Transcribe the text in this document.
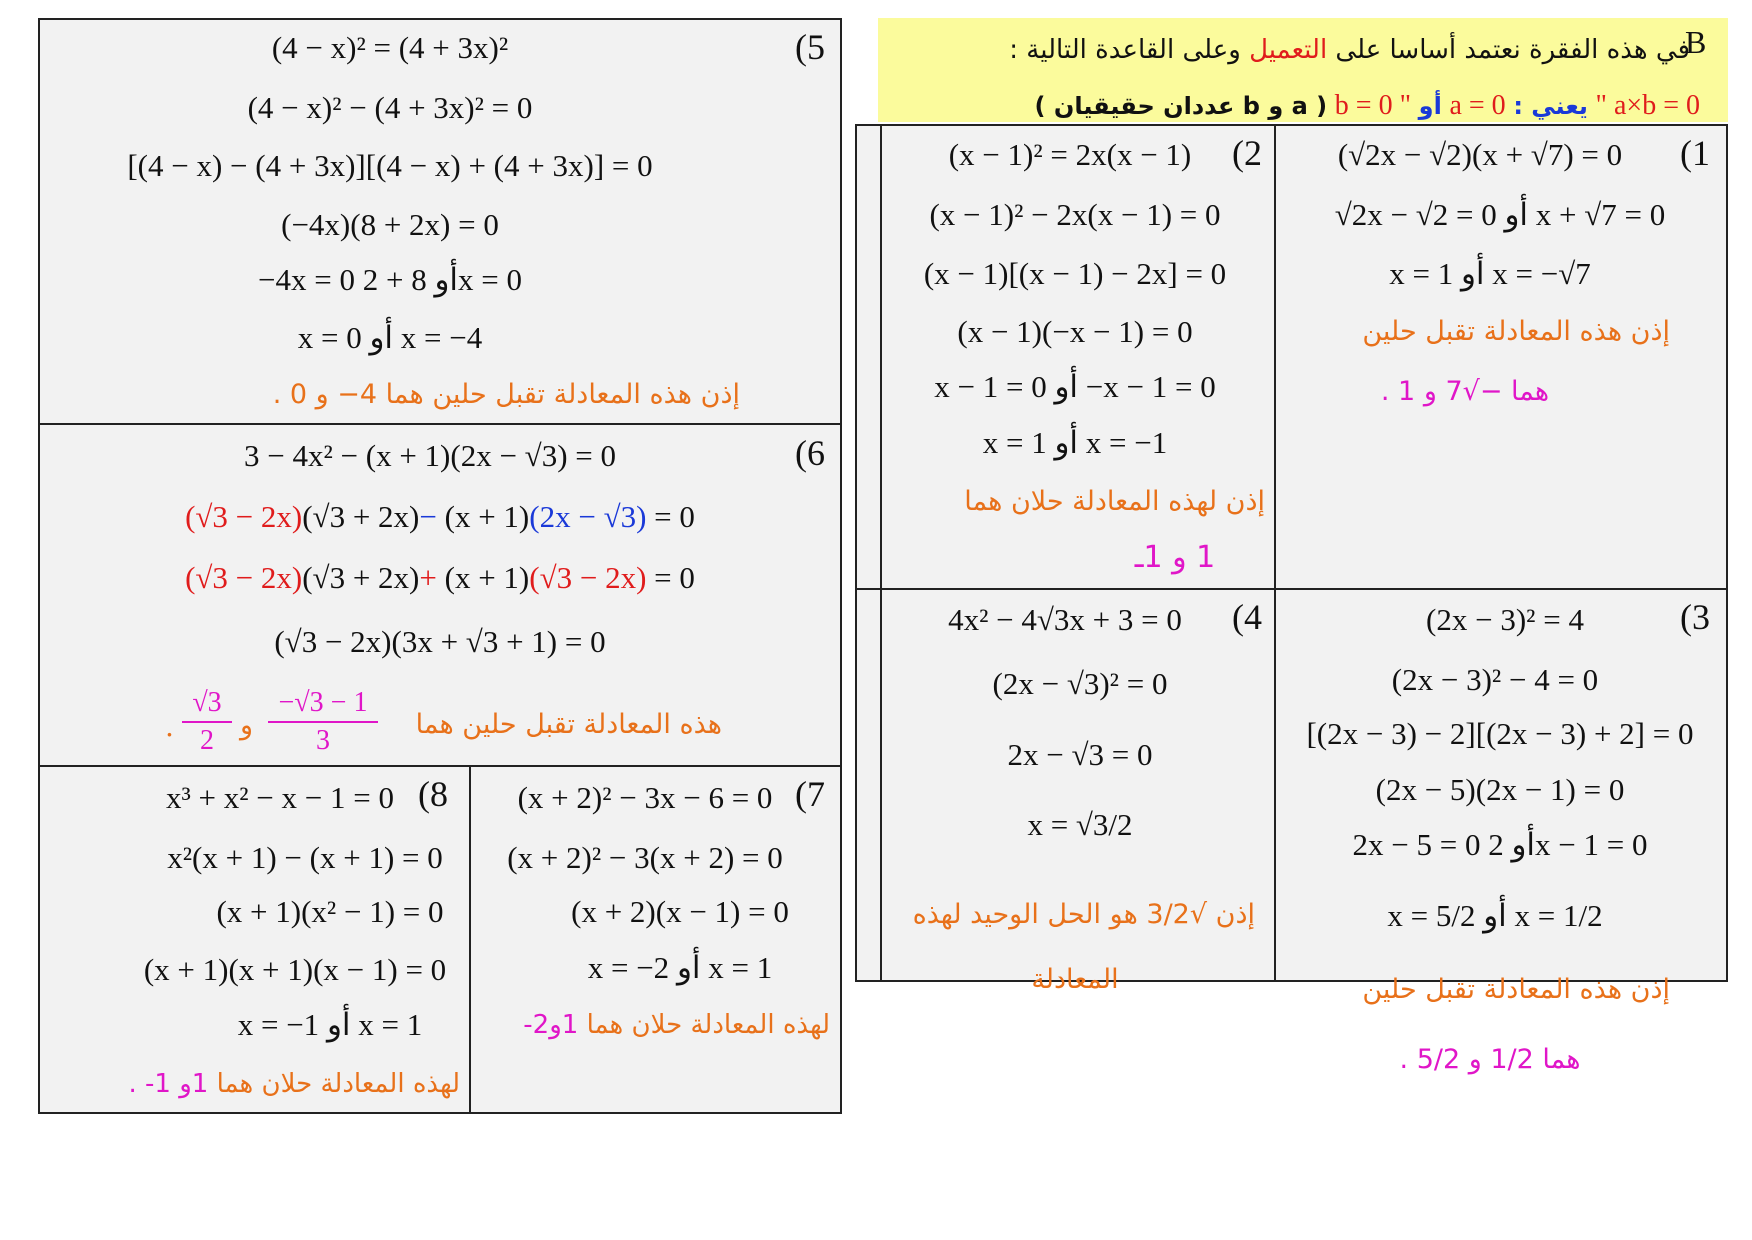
(5
(4 − x)² = (4 + 3x)²
(4 − x)² − (4 + 3x)² = 0
[(4 − x) − (4 + 3x)][(4 − x) + (4 + 3x)] = 0
(−4x)(8 + 2x) = 0
−4x = 0 أو 8 + 2x = 0
x = 0 أو x = −4
إذن هذه المعادلة تقبل حلين هما 4− و 0 .
(6
3 − 4x² − (x + 1)(2x − √3) = 0
(√3 − 2x)(√3 + 2x)− (x + 1)(2x − √3) = 0
(√3 − 2x)(√3 + 2x)+ (x + 1)(√3 − 2x) = 0
(√3 − 2x)(3x + √3 + 1) = 0
هذه المعادلة تقبل حلين هما
$\frac{-√3 - 1}{3}$
و
$\frac{√3}{2}$
.
(7
(x + 2)² − 3x − 6 = 0
(x + 2)² − 3(x + 2) = 0
(x + 2)(x − 1) = 0
x = −2 أو x = 1
لهذه المعادلة حلان هما 1و2-
(8
x³ + x² − x − 1 = 0
x²(x + 1) − (x + 1) = 0
(x + 1)(x² − 1) = 0
(x + 1)(x + 1)(x − 1) = 0
x = −1 أو x = 1
لهذه المعادلة حلان هما 1و 1- .
B
في هذه الفقرة نعتمد أساسا على التعميل وعلى القاعدة التالية :
" a×b = 0 يعني : a = 0 أو b = 0 " ( a و b عددان حقيقيان )
(1
(√2x − √2)(x + √7) = 0
√2x − √2 = 0 أو x + √7 = 0
x = 1 أو x = −√7
إذن هذه المعادلة تقبل حلين
هما −√7 و 1 .
(2
(x − 1)² = 2x(x − 1)
(x − 1)² − 2x(x − 1) = 0
(x − 1)[(x − 1) − 2x] = 0
(x − 1)(−x − 1) = 0
x − 1 = 0 أو −x − 1 = 0
x = 1 أو x = −1
إذن لهذه المعادلة حلان هما
1 و 1ـ
(3
(2x − 3)² = 4
(2x − 3)² − 4 = 0
[(2x − 3) − 2][(2x − 3) + 2] = 0
(2x − 5)(2x − 1) = 0
2x − 5 = 0 أو 2x − 1 = 0
x = 5/2 أو x = 1/2
إذن هذه المعادلة تقبل حلين
هما 1/2 و 5/2 .
(4
4x² − 4√3x + 3 = 0
(2x − √3)² = 0
2x − √3 = 0
x = √3/2
إذن √3/2 هو الحل الوحيد لهذه
المعادلة
